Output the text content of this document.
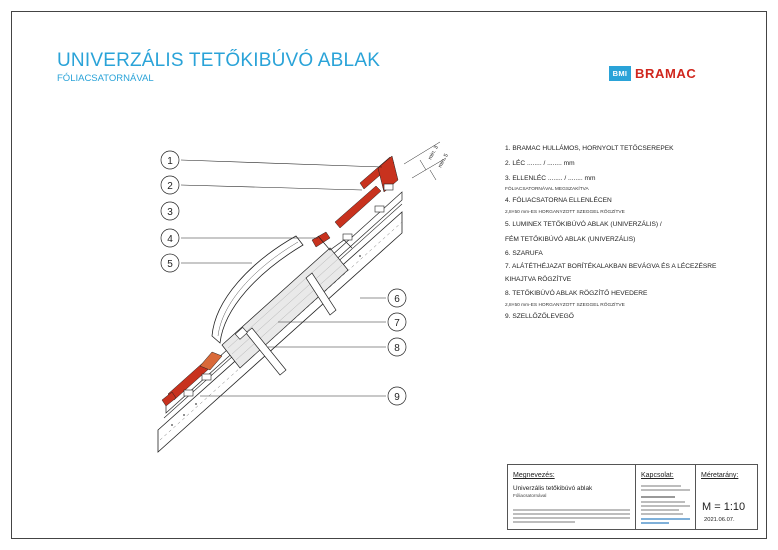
UNIVERZÁLIS TETŐKIBÚVÓ ABLAK
FÓLIACSATORNÁVAL	BMI BRAMAC
min. 3
min. 5
1
2
3
4
5
6
7
8
9
1. BRAMAC HULLÁMOS, HORNYOLT TETŐCSEREPEK
2. LÉC ........ / ........ mm
3. ELLENLÉC ........ / ........ mm
FÓLIACSATORNÁVAL MEGSZAKÍTVA
4. FÓLIACSATORNA ELLENLÉCEN
2,8×50 mm-ES HORGANYZOTT SZEGGEL RÖGZÍTVE
5. LUMINEX TETŐKIBÚVÓ ABLAK (UNIVERZÁLIS) /
FÉM TETŐKIBÚVÓ ABLAK (UNIVERZÁLIS)
6. SZARUFA
7. ALÁTÉTHÉJAZAT BORÍTÉKALAKBAN BEVÁGVA ÉS A LÉCEZÉSRE
KIHAJTVA RÖGZÍTVE
8. TETŐKIBÚVÓ ABLAK RÖGZÍTŐ HEVEDERE
2,8×50 mm-ES HORGANYZOTT SZEGGEL RÖGZÍTVE
9. SZELLŐZŐLEVEGŐ
Megnevezés:
Univerzális tetőkibúvó ablak
Fóliacsatornával
Kapcsolat:	Méretarány:
M = 1:10
2021.06.07.
